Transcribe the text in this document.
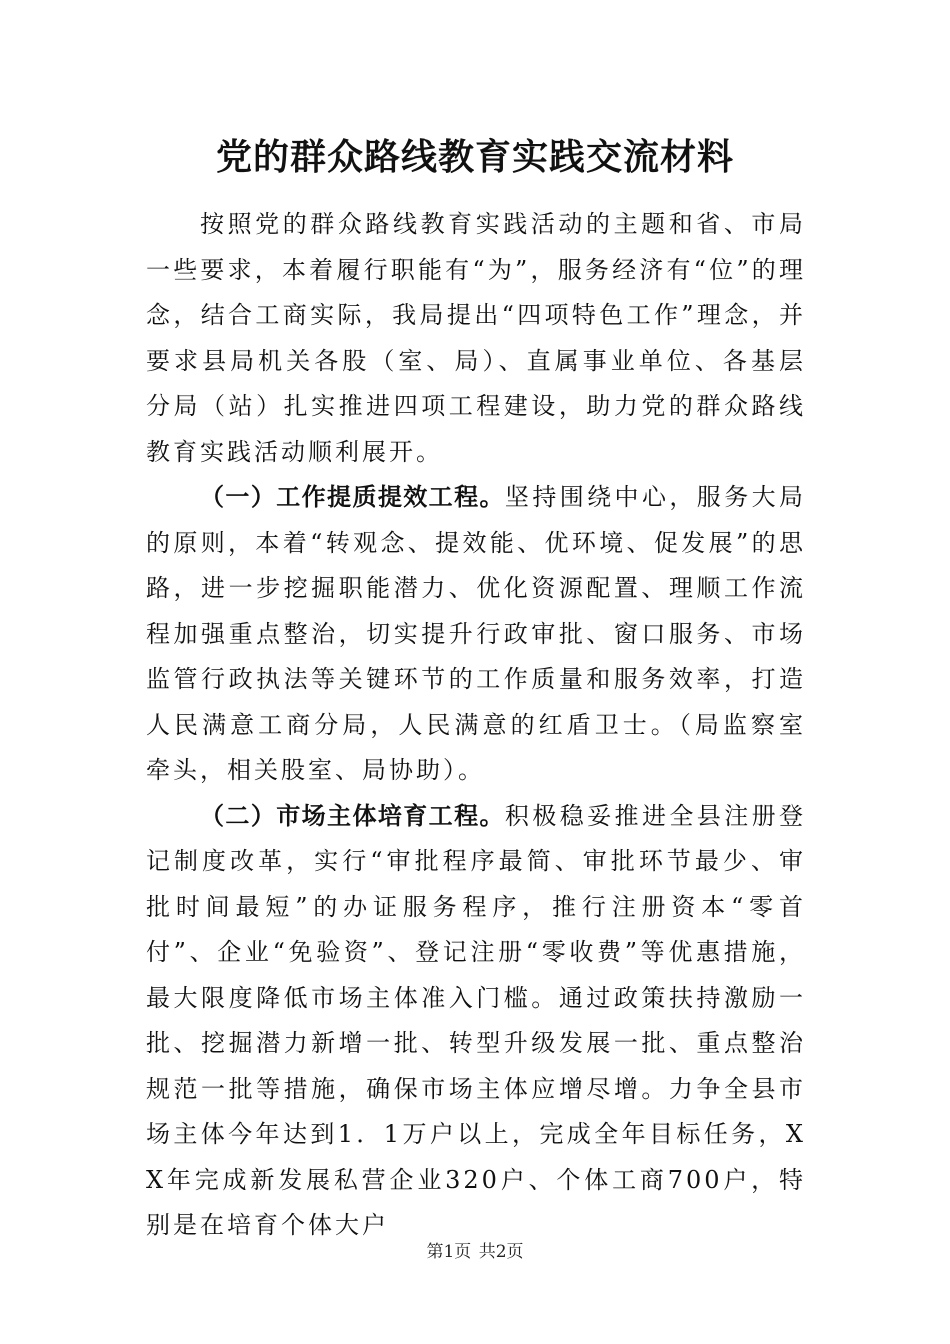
党的群众路线教育实践交流材料

按照党的群众路线教育实践活动的主题和省、市局一些要求，本着履行职能有“为”，服务经济有“位”的理念，结合工商实际，我局提出“四项特色工作”理念，并要求县局机关各股（室、局）、直属事业单位、各基层分局（站）扎实推进四项工程建设，助力党的群众路线教育实践活动顺利展开。

（一）工作提质提效工程。坚持围绕中心，服务大局的原则，本着“转观念、提效能、优环境、促发展”的思路，进一步挖掘职能潜力、优化资源配置、理顺工作流程加强重点整治，切实提升行政审批、窗口服务、市场监管行政执法等关键环节的工作质量和服务效率，打造人民满意工商分局，人民满意的红盾卫士。（局监察室牵头，相关股室、局协助）。

（二）市场主体培育工程。积极稳妥推进全县注册登记制度改革，实行“审批程序最简、审批环节最少、审批时间最短”的办证服务程序，推行注册资本“零首付”、企业“免验资”、登记注册“零收费”等优惠措施，最大限度降低市场主体准入门槛。通过政策扶持激励一批、挖掘潜力新增一批、转型升级发展一批、重点整治规范一批等措施，确保市场主体应增尽增。力争全县市场主体今年达到1．1万户以上，完成全年目标任务，XX年完成新发展私营企业320户、个体工商700户，特别是在培育个体大户

第1页 共2页
